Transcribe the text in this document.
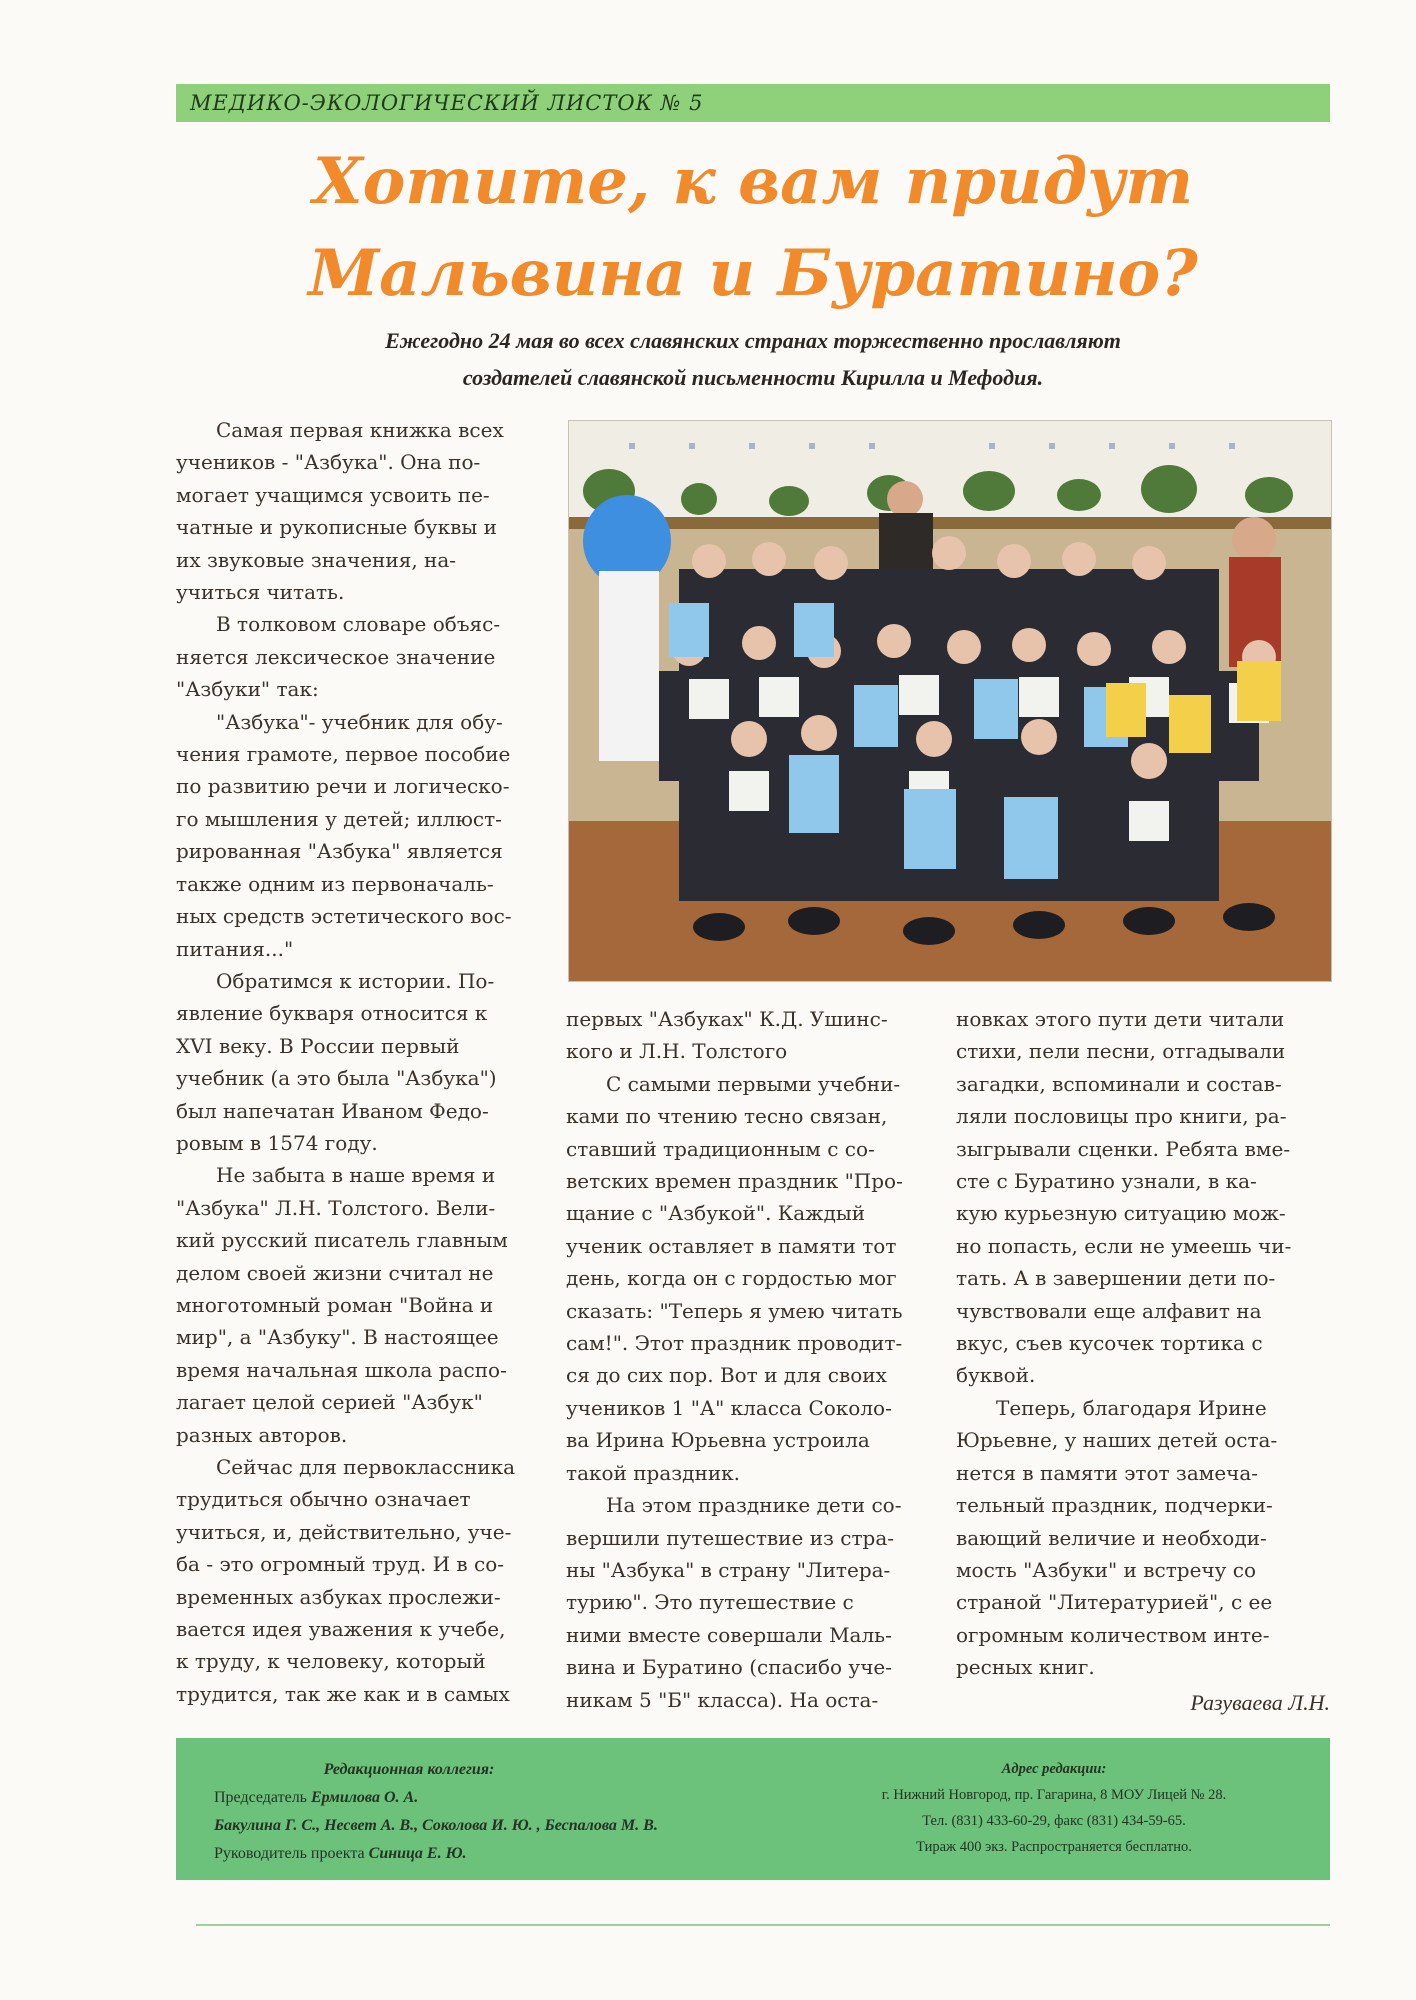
МЕДИКО-ЭКОЛОГИЧЕСКИЙ ЛИСТОК № 5
Хотите, к вам придут
Мальвина и Буратино?
Ежегодно 24 мая во всех славянских странах торжественно прославляют
создателей славянской письменности Кирилла и Мефодия.

Самая первая книжка всех
учеников - "Азбука". Она по-
могает учащимся усвоить пе-
чатные и рукописные буквы и
их звуковые значения, на-
учиться читать.

В толковом словаре объяс-
няется лексическое значение
"Азбуки" так:

"Азбука"- учебник для обу-
чения грамоте, первое пособие
по развитию речи и логическо-
го мышления у детей; иллюст-
рированная "Азбука" является
также одним из первоначаль-
ных средств эстетического вос-
питания..."

Обратимся к истории. По-
явление букваря относится к
XVI веку. В России первый
учебник (а это была "Азбука")
был напечатан Иваном Федо-
ровым в 1574 году.

Не забыта в наше время и
"Азбука" Л.Н. Толстого. Вели-
кий русский писатель главным
делом своей жизни считал не
многотомный роман "Война и
мир", а "Азбуку". В настоящее
время начальная школа распо-
лагает целой серией "Азбук"
разных авторов.

Сейчас для первоклассника
трудиться обычно означает
учиться, и, действительно, уче-
ба - это огромный труд. И в со-
временных азбуках прослежи-
вается идея уважения к учебе,
к труду, к человеку, который
трудится, так же как и в самых

первых "Азбуках" К.Д. Ушинс-
кого и Л.Н. Толстого

С самыми первыми учебни-
ками по чтению тесно связан,
ставший традиционным с со-
ветских времен праздник "Про-
щание с "Азбукой". Каждый
ученик оставляет в памяти тот
день, когда он с гордостью мог
сказать: "Теперь я умею читать
сам!". Этот праздник проводит-
ся до сих пор. Вот и для своих
учеников 1 "А" класса Соколо-
ва Ирина Юрьевна устроила
такой праздник.

На этом празднике дети со-
вершили путешествие из стра-
ны "Азбука" в страну "Литера-
турию". Это путешествие с
ними вместе совершали Маль-
вина и Буратино (спасибо уче-
никам 5 "Б" класса). На оста-

новках этого пути дети читали
стихи, пели песни, отгадывали
загадки, вспоминали и состав-
ляли пословицы про книги, ра-
зыгрывали сценки. Ребята вме-
сте с Буратино узнали, в ка-
кую курьезную ситуацию мож-
но попасть, если не умеешь чи-
тать. А в завершении дети по-
чувствовали еще алфавит на
вкус, съев кусочек тортика с
буквой.

Теперь, благодаря Ирине
Юрьевне, у наших детей оста-
нется в памяти этот замеча-
тельный праздник, подчерки-
вающий величие и необходи-
мость "Азбуки" и встречу со
страной "Литературией", с ее
огромным количеством инте-
ресных книг.

Разуваева Л.Н.
Редакционная коллегия:
Председатель Ермилова О. А.
Бакулина Г. С., Несвет А. В., Соколова И. Ю. , Беспалова М. В.
Руководитель проекта Синица Е. Ю.
Адрес редакции:
г. Нижний Новгород, пр. Гагарина, 8 МОУ Лицей № 28.
Тел. (831) 433-60-29, факс (831) 434-59-65.
Тираж 400 экз. Распространяется бесплатно.
